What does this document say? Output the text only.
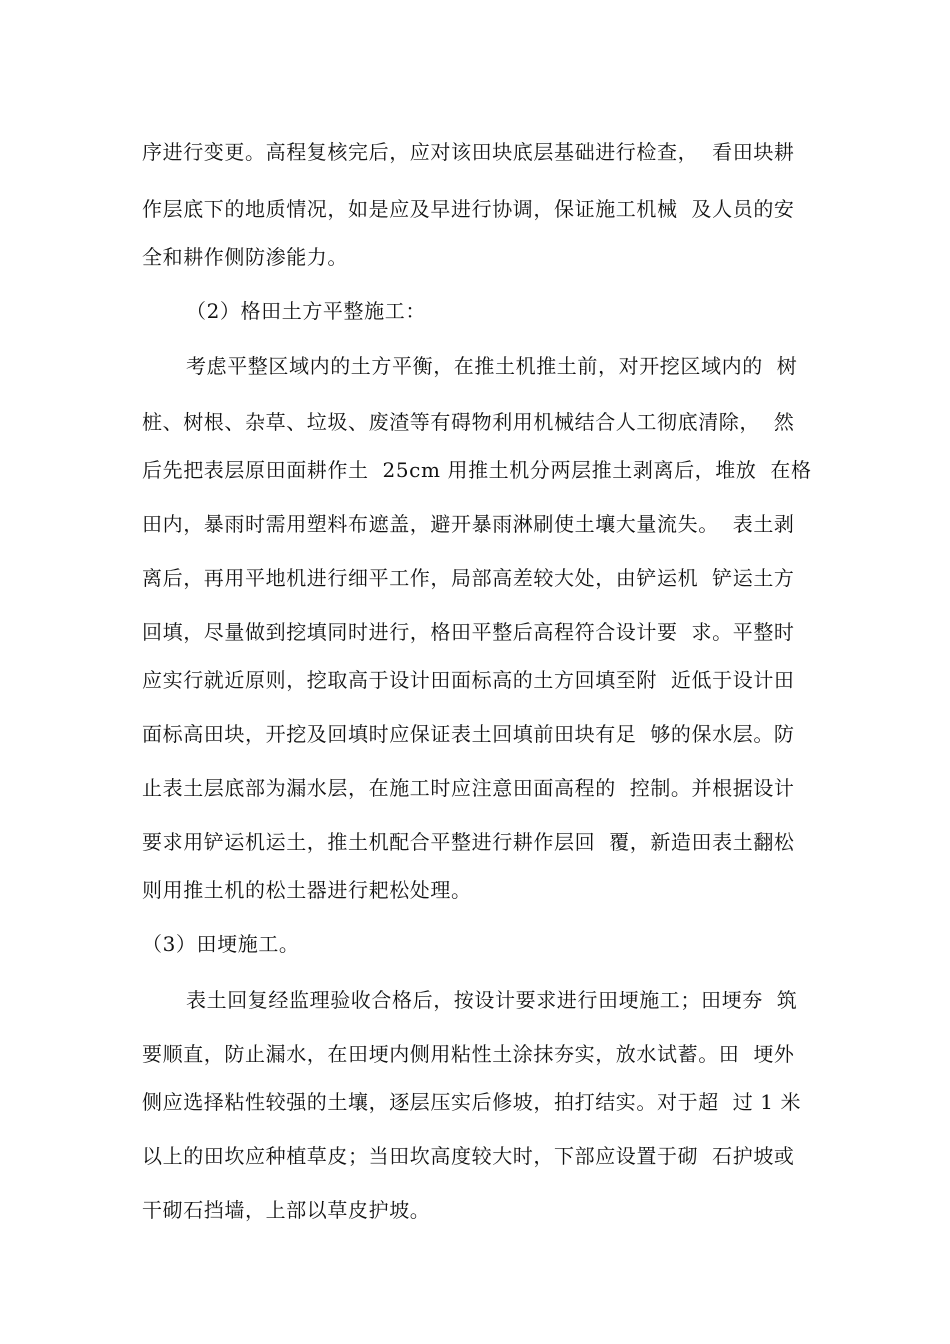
序进行变更。高程复核完后，应对该田块底层基础进行检查，  看田块耕
作层底下的地质情况，如是应及早进行协调，保证施工机械  及人员的安
全和耕作侧防渗能力。
（2）格田土方平整施工：
考虑平整区域内的土方平衡，在推土机推土前，对开挖区域内的  树
桩、树根、杂草、垃圾、废渣等有碍物利用机械结合人工彻底清除，  然
后先把表层原田面耕作土  25cm 用推土机分两层推土剥离后，堆放  在格
田内，暴雨时需用塑料布遮盖，避开暴雨淋刷使土壤大量流失。  表土剥
离后，再用平地机进行细平工作，局部高差较大处，由铲运机  铲运土方
回填，尽量做到挖填同时进行，格田平整后高程符合设计要  求。平整时
应实行就近原则，挖取高于设计田面标高的土方回填至附  近低于设计田
面标高田块，开挖及回填时应保证表土回填前田块有足  够的保水层。防
止表土层底部为漏水层，在施工时应注意田面高程的  控制。并根据设计
要求用铲运机运土，推土机配合平整进行耕作层回  覆，新造田表土翻松
则用推土机的松土器进行耙松处理。
（3）田埂施工。
表土回复经监理验收合格后，按设计要求进行田埂施工；田埂夯  筑
要顺直，防止漏水，在田埂内侧用粘性土涂抹夯实，放水试蓄。田  埂外
侧应选择粘性较强的土壤，逐层压实后修坡，拍打结实。对于超  过 1 米
以上的田坎应种植草皮；当田坎高度较大时，下部应设置于砌  石护坡或
干砌石挡墙，上部以草皮护坡。
